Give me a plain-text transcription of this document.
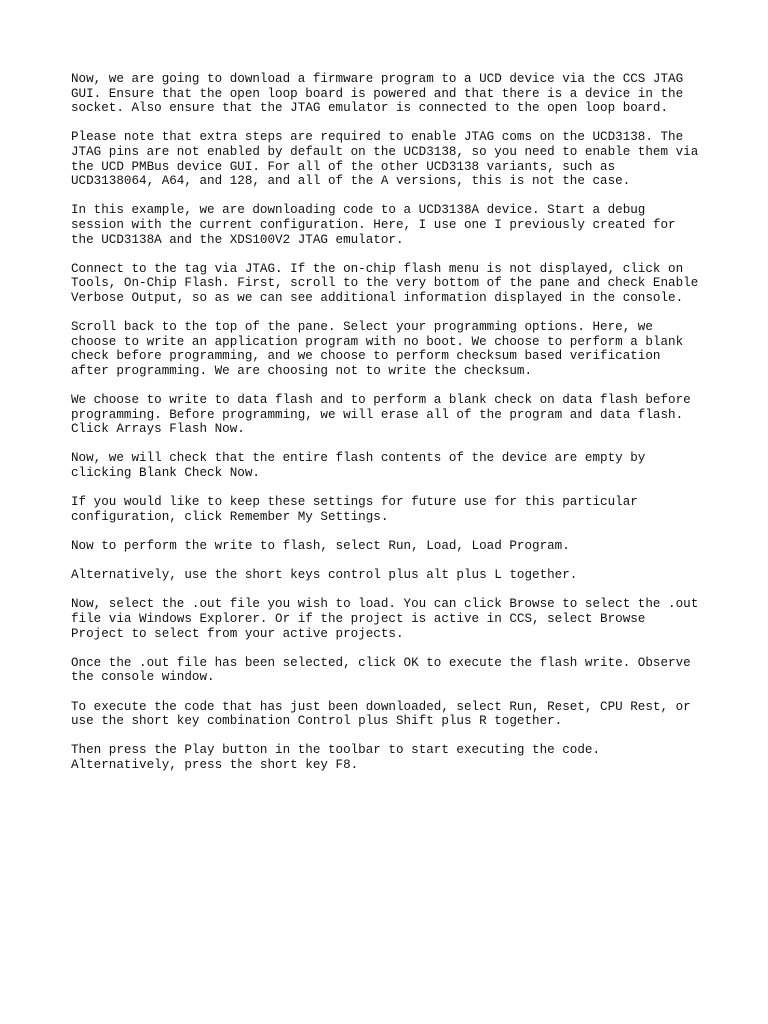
Now, we are going to download a firmware program to a UCD device via the CCS JTAG
GUI. Ensure that the open loop board is powered and that there is a device in the
socket. Also ensure that the JTAG emulator is connected to the open loop board.

Please note that extra steps are required to enable JTAG coms on the UCD3138. The
JTAG pins are not enabled by default on the UCD3138, so you need to enable them via
the UCD PMBus device GUI. For all of the other UCD3138 variants, such as
UCD3138064, A64, and 128, and all of the A versions, this is not the case.

In this example, we are downloading code to a UCD3138A device. Start a debug
session with the current configuration. Here, I use one I previously created for
the UCD3138A and the XDS100V2 JTAG emulator.

Connect to the tag via JTAG. If the on-chip flash menu is not displayed, click on
Tools, On-Chip Flash. First, scroll to the very bottom of the pane and check Enable
Verbose Output, so as we can see additional information displayed in the console.

Scroll back to the top of the pane. Select your programming options. Here, we
choose to write an application program with no boot. We choose to perform a blank
check before programming, and we choose to perform checksum based verification
after programming. We are choosing not to write the checksum.

We choose to write to data flash and to perform a blank check on data flash before
programming. Before programming, we will erase all of the program and data flash.
Click Arrays Flash Now.

Now, we will check that the entire flash contents of the device are empty by
clicking Blank Check Now.

If you would like to keep these settings for future use for this particular
configuration, click Remember My Settings.

Now to perform the write to flash, select Run, Load, Load Program.

Alternatively, use the short keys control plus alt plus L together.

Now, select the .out file you wish to load. You can click Browse to select the .out
file via Windows Explorer. Or if the project is active in CCS, select Browse
Project to select from your active projects.

Once the .out file has been selected, click OK to execute the flash write. Observe
the console window.

To execute the code that has just been downloaded, select Run, Reset, CPU Rest, or
use the short key combination Control plus Shift plus R together.

Then press the Play button in the toolbar to start executing the code.
Alternatively, press the short key F8.
